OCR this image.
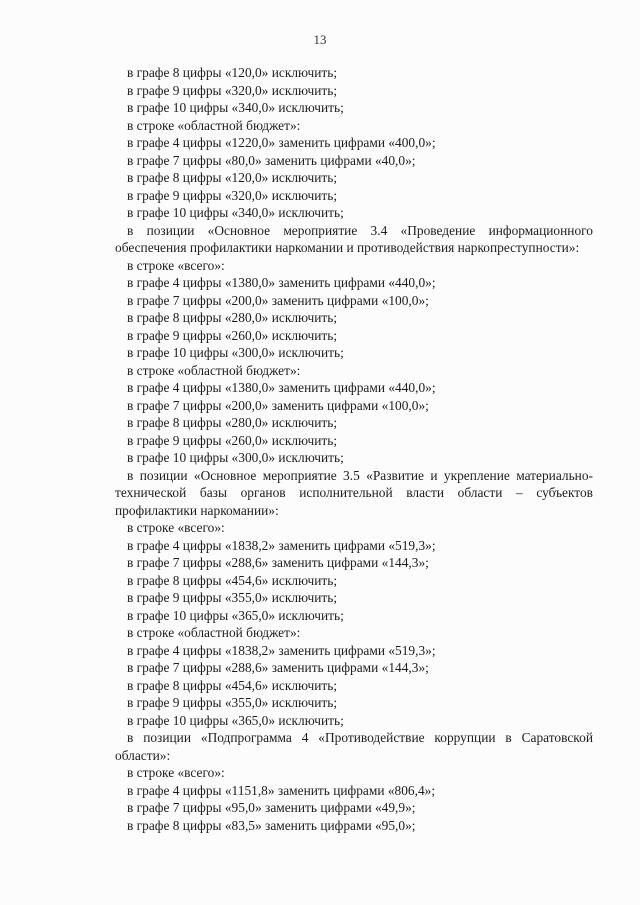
13
в графе 8 цифры «120,0» исключить;
в графе 9 цифры «320,0» исключить;
в графе 10 цифры «340,0» исключить;
в строке «областной бюджет»:
в графе 4 цифры «1220,0» заменить цифрами «400,0»;
в графе 7 цифры «80,0» заменить цифрами «40,0»;
в графе 8 цифры «120,0» исключить;
в графе 9 цифры «320,0» исключить;
в графе 10 цифры «340,0» исключить;
в позиции «Основное мероприятие 3.4 «Проведение информационного обеспечения профилактики наркомании и противодействия наркопреступности»:
в строке «всего»:
в графе 4 цифры «1380,0» заменить цифрами «440,0»;
в графе 7 цифры «200,0» заменить цифрами «100,0»;
в графе 8 цифры «280,0» исключить;
в графе 9 цифры «260,0» исключить;
в графе 10 цифры «300,0» исключить;
в строке «областной бюджет»:
в графе 4 цифры «1380,0» заменить цифрами «440,0»;
в графе 7 цифры «200,0» заменить цифрами «100,0»;
в графе 8 цифры «280,0» исключить;
в графе 9 цифры «260,0» исключить;
в графе 10 цифры «300,0» исключить;
в позиции «Основное мероприятие 3.5 «Развитие и укрепление материально-технической базы органов исполнительной власти области – субъектов профилактики наркомании»:
в строке «всего»:
в графе 4 цифры «1838,2» заменить цифрами «519,3»;
в графе 7 цифры «288,6» заменить цифрами «144,3»;
в графе 8 цифры «454,6» исключить;
в графе 9 цифры «355,0» исключить;
в графе 10 цифры «365,0» исключить;
в строке «областной бюджет»:
в графе 4 цифры «1838,2» заменить цифрами «519,3»;
в графе 7 цифры «288,6» заменить цифрами «144,3»;
в графе 8 цифры «454,6» исключить;
в графе 9 цифры «355,0» исключить;
в графе 10 цифры «365,0» исключить;
в позиции «Подпрограмма 4 «Противодействие коррупции в Саратовской области»:
в строке «всего»:
в графе 4 цифры «1151,8» заменить цифрами «806,4»;
в графе 7 цифры «95,0» заменить цифрами «49,9»;
в графе 8 цифры «83,5» заменить цифрами «95,0»;
